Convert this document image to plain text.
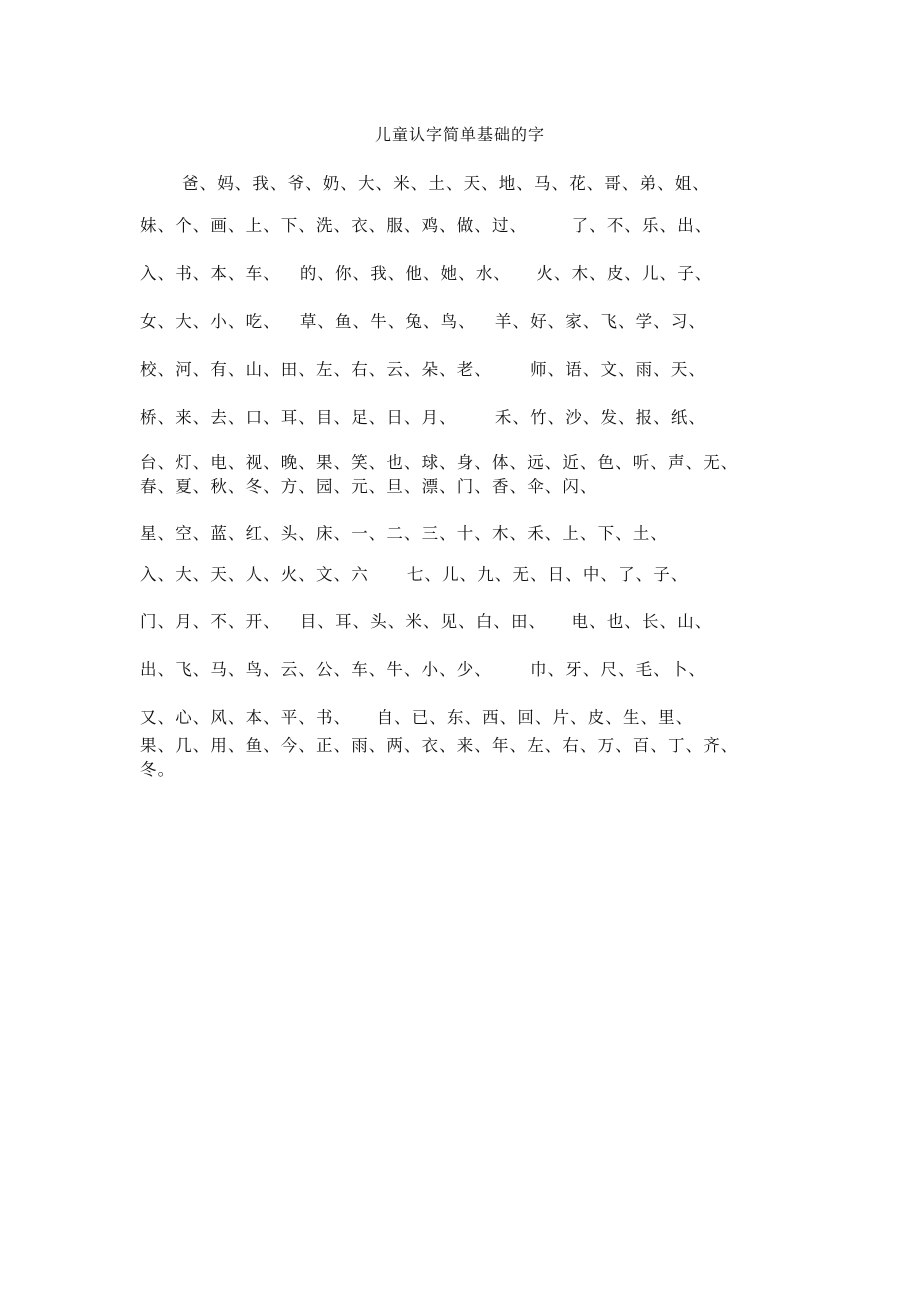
儿童认字简单基础的字
爸、妈、我、爷、奶、大、米、土、天、地、马、花、哥、弟、姐、
妹、个、画、上、下、洗、衣、服、鸡、做、过、       了、不、乐、出、
入、书、本、车、   的、你、我、他、她、水、    火、木、皮、儿、子、
女、大、小、吃、   草、鱼、牛、兔、鸟、   羊、好、家、飞、学、习、
校、河、有、山、田、左、右、云、朵、老、      师、语、文、雨、天、
桥、来、去、口、耳、目、足、日、月、      禾、竹、沙、发、报、纸、
台、灯、电、视、晚、果、笑、也、球、身、体、远、近、色、听、声、无、
春、夏、秋、冬、方、园、元、旦、漂、门、香、伞、闪、
星、空、蓝、红、头、床、一、二、三、十、木、禾、上、下、土、
入、大、天、人、火、文、六      七、儿、九、无、日、中、了、子、
门、月、不、开、   目、耳、头、米、见、白、田、    电、也、长、山、
出、飞、马、鸟、云、公、车、牛、小、少、      巾、牙、尺、毛、卜、
又、心、风、本、平、书、    自、已、东、西、回、片、皮、生、里、
果、几、用、鱼、今、正、雨、两、衣、来、年、左、右、万、百、丁、齐、
冬。
